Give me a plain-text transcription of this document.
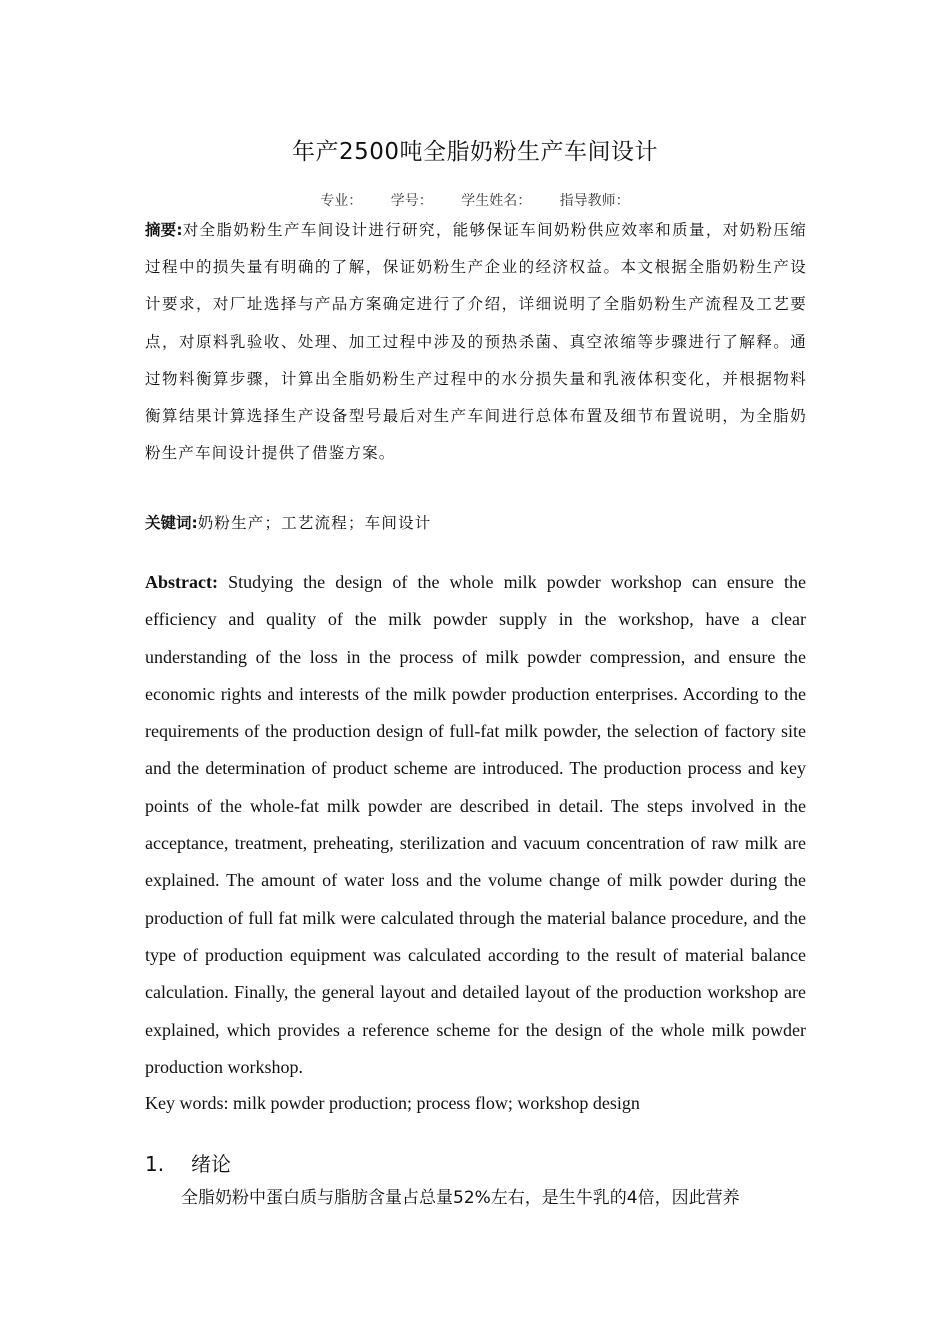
年产2500吨全脂奶粉生产车间设计
专业： 学号： 学生姓名： 指导教师：
摘要:对全脂奶粉生产车间设计进行研究，能够保证车间奶粉供应效率和质量，对奶粉压缩过程中的损失量有明确的了解，保证奶粉生产企业的经济权益。本文根据全脂奶粉生产设计要求，对厂址选择与产品方案确定进行了介绍，详细说明了全脂奶粉生产流程及工艺要点，对原料乳验收、处理、加工过程中涉及的预热杀菌、真空浓缩等步骤进行了解释。通过物料衡算步骤，计算出全脂奶粉生产过程中的水分损失量和乳液体积变化，并根据物料衡算结果计算选择生产设备型号最后对生产车间进行总体布置及细节布置说明，为全脂奶粉生产车间设计提供了借鉴方案。
关键词:奶粉生产；工艺流程；车间设计
Abstract: Studying the design of the whole milk powder workshop can ensure the efficiency and quality of the milk powder supply in the workshop, have a clear understanding of the loss in the process of milk powder compression, and ensure the economic rights and interests of the milk powder production enterprises. According to the requirements of the production design of full-fat milk powder, the selection of factory site and the determination of product scheme are introduced. The production process and key points of the whole-fat milk powder are described in detail. The steps involved in the acceptance, treatment, preheating, sterilization and vacuum concentration of raw milk are explained. The amount of water loss and the volume change of milk powder during the production of full fat milk were calculated through the material balance procedure, and the type of production equipment was calculated according to the result of material balance calculation. Finally, the general layout and detailed layout of the production workshop are explained, which provides a reference scheme for the design of the whole milk powder production workshop.
Key words: milk powder production; process flow; workshop design
1. 绪论
全脂奶粉中蛋白质与脂肪含量占总量52%左右，是生牛乳的4倍，因此营养
